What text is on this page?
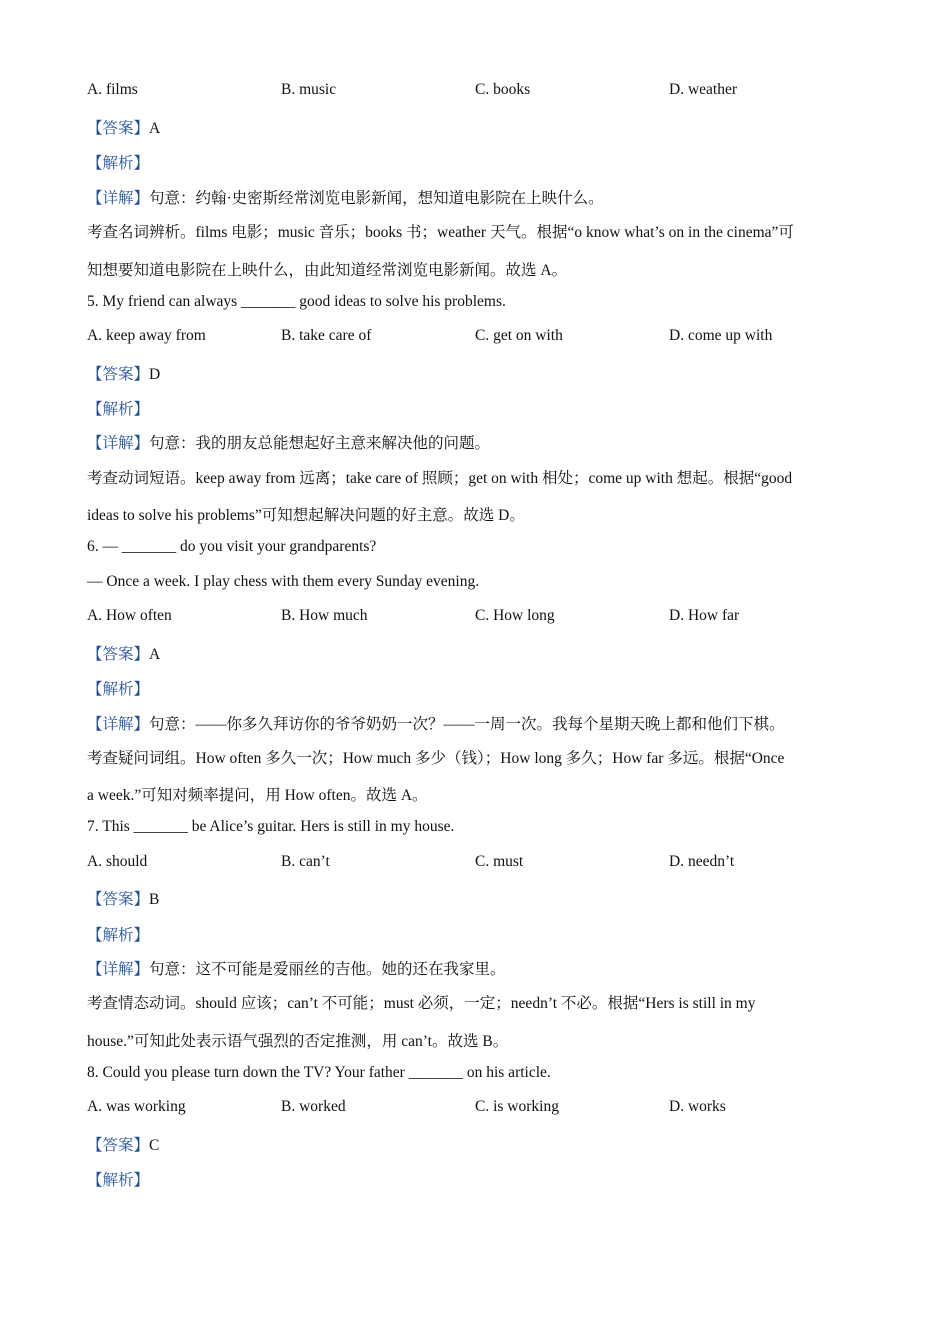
A. films	B. music	C. books	D. weather
【答案】A
【解析】
【详解】句意：约翰·史密斯经常浏览电影新闻，想知道电影院在上映什么。
考查名词辨析。films 电影；music 音乐；books 书；weather 天气。根据“o know what’s on in the cinema”可
知想要知道电影院在上映什么，由此知道经常浏览电影新闻。故选 A。
5. My friend can always _______ good ideas to solve his problems.
A. keep away from	B. take care of	C. get on with	D. come up with
【答案】D
【解析】
【详解】句意：我的朋友总能想起好主意来解决他的问题。
考查动词短语。keep away from 远离；take care of 照顾；get on with 相处；come up with 想起。根据“good
ideas to solve his problems”可知想起解决问题的好主意。故选 D。
6. — _______ do you visit your grandparents?
— Once a week. I play chess with them every Sunday evening.
A. How often	B. How much	C. How long	D. How far
【答案】A
【解析】
【详解】句意：——你多久拜访你的爷爷奶奶一次？——一周一次。我每个星期天晚上都和他们下棋。
考查疑问词组。How often 多久一次；How much 多少（钱）；How long 多久；How far 多远。根据“Once
a week.”可知对频率提问，用 How often。故选 A。
7. This _______ be Alice’s guitar. Hers is still in my house.
A. should	B. can’t	C. must	D. needn’t
【答案】B
【解析】
【详解】句意：这不可能是爱丽丝的吉他。她的还在我家里。
考查情态动词。should 应该；can’t 不可能；must 必须，一定；needn’t 不必。根据“Hers is still in my
house.”可知此处表示语气强烈的否定推测，用 can’t。故选 B。
8. Could you please turn down the TV? Your father _______ on his article.
A. was working	B. worked	C. is working	D. works
【答案】C
【解析】
